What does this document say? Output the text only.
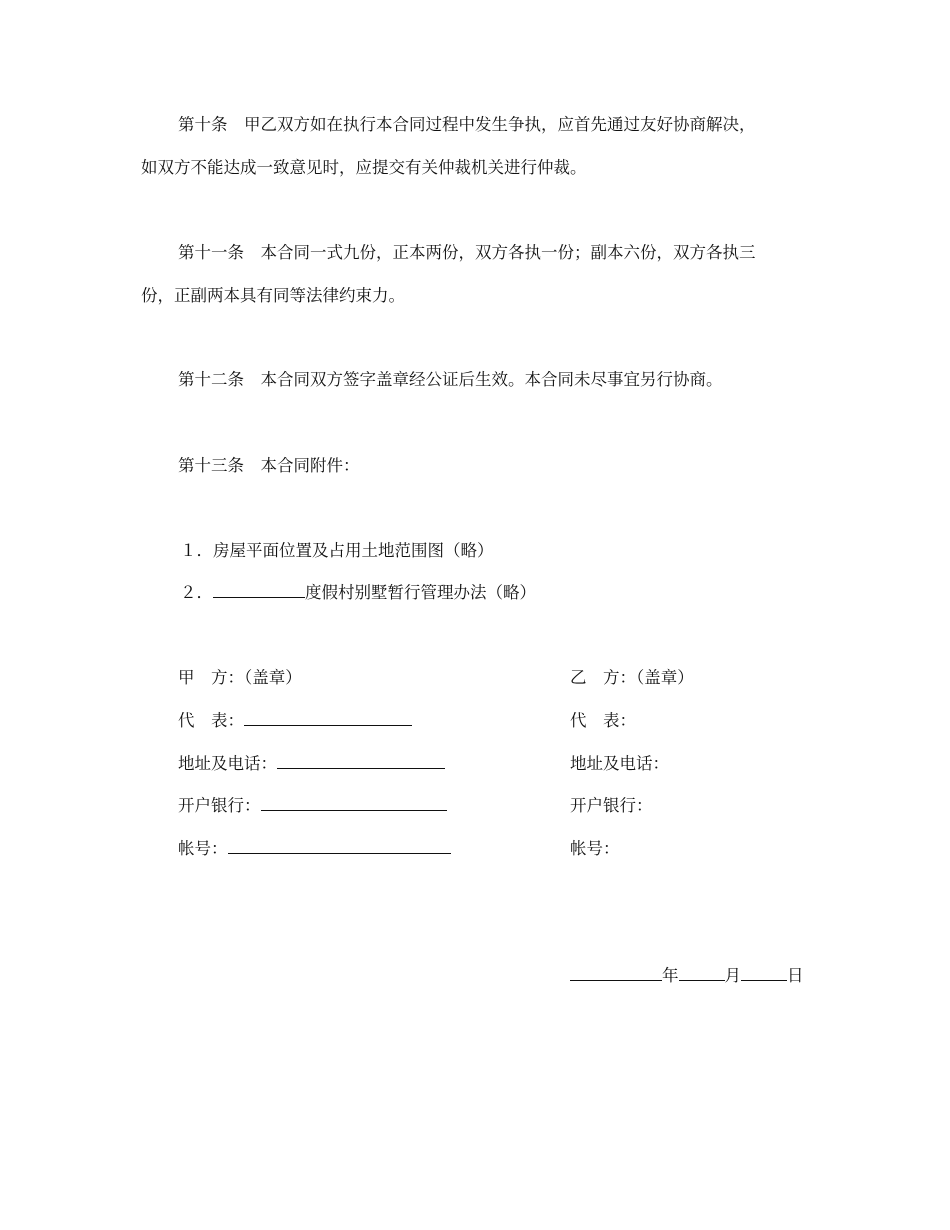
第十条　甲乙双方如在执行本合同过程中发生争执，应首先通过友好协商解决，
如双方不能达成一致意见时，应提交有关仲裁机关进行仲裁。
第十一条　本合同一式九份，正本两份，双方各执一份；副本六份，双方各执三
份，正副两本具有同等法律约束力。
第十二条　本合同双方签字盖章经公证后生效。本合同未尽事宜另行协商。
第十三条　本合同附件：
１．房屋平面位置及占用土地范围图（略）
２．	度假村别墅暂行管理办法（略）
甲　方：（盖章）
代　表：
地址及电话：
开户银行：
帐号：
乙　方：（盖章）
代　表：
地址及电话：
开户银行：
帐号：
年	月	日
